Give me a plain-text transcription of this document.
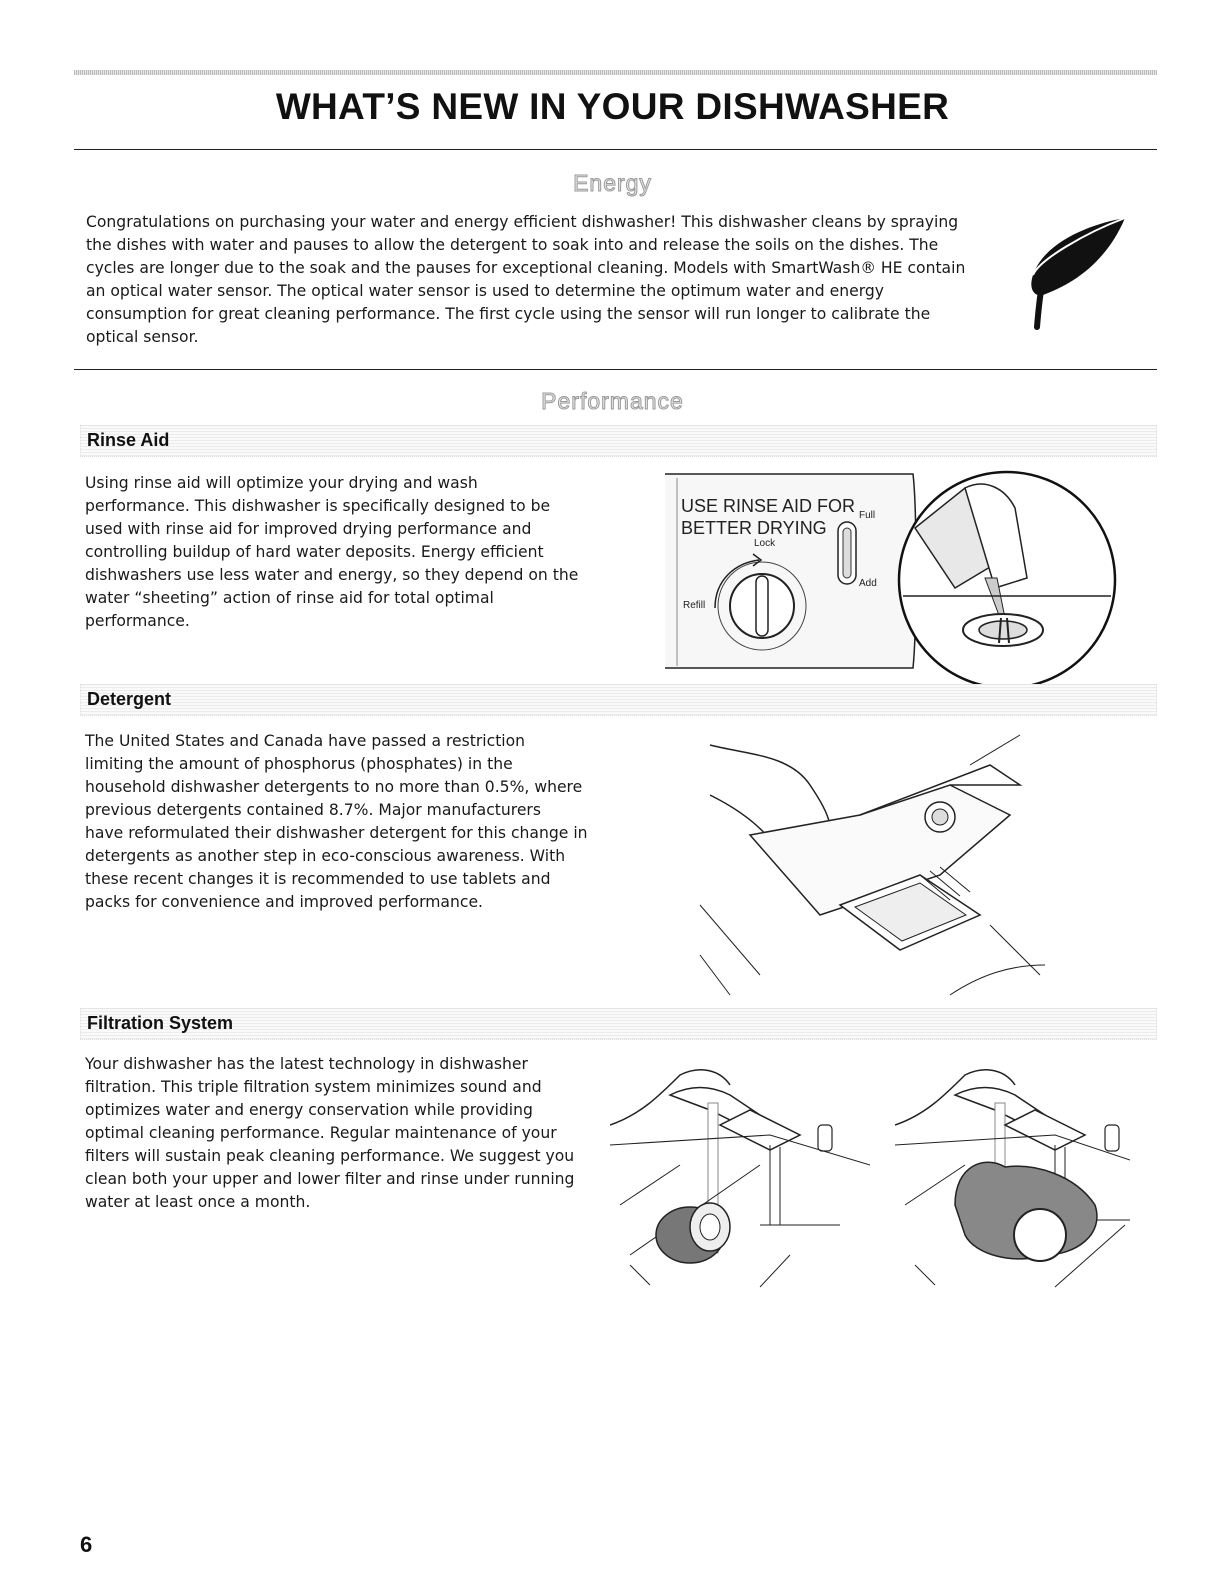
WHAT’S NEW IN YOUR DISHWASHER
Energy
Congratulations on purchasing your water and energy efficient dishwasher! This dishwasher cleans by spraying
the dishes with water and pauses to allow the detergent to soak into and release the soils on the dishes. The
cycles are longer due to the soak and the pauses for exceptional cleaning. Models with SmartWash® HE contain
an optical water sensor. The optical water sensor is used to determine the optimum water and energy
consumption for great cleaning performance. The first cycle using the sensor will run longer to calibrate the
optical sensor.
Performance
Rinse Aid
Using rinse aid will optimize your drying and wash
performance. This dishwasher is specifically designed to be
used with rinse aid for improved drying performance and
controlling buildup of hard water deposits. Energy efficient
dishwashers use less water and energy, so they depend on the
water “sheeting” action of rinse aid for total optimal
performance.
USE RINSE AID FOR
BETTER DRYING
Lock
Refill
Full
Add
Detergent
The United States and Canada have passed a restriction
limiting the amount of phosphorus (phosphates) in the
household dishwasher detergents to no more than 0.5%, where
previous detergents contained 8.7%. Major manufacturers
have reformulated their dishwasher detergent for this change in
detergents as another step in eco-conscious awareness. With
these recent changes it is recommended to use tablets and
packs for convenience and improved performance.
Filtration System
Your dishwasher has the latest technology in dishwasher
filtration. This triple filtration system minimizes sound and
optimizes water and energy conservation while providing
optimal cleaning performance. Regular maintenance of your
filters will sustain peak cleaning performance. We suggest you
clean both your upper and lower filter and rinse under running
water at least once a month.
6
